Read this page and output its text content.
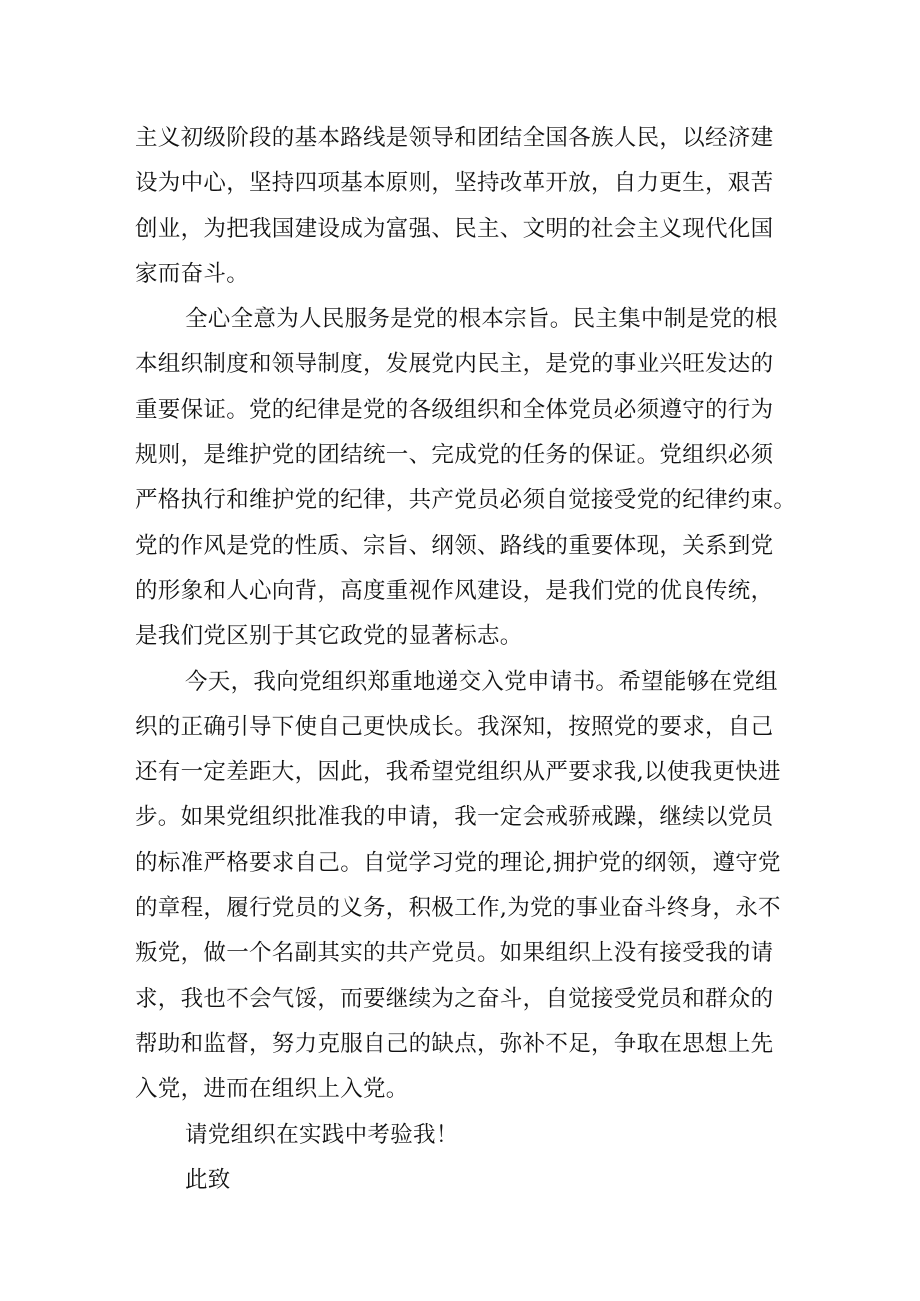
主义初级阶段的基本路线是领导和团结全国各族人民，以经济建
设为中心，坚持四项基本原则，坚持改革开放，自力更生，艰苦
创业，为把我国建设成为富强、民主、文明的社会主义现代化国
家而奋斗。
全心全意为人民服务是党的根本宗旨。民主集中制是党的根
本组织制度和领导制度，发展党内民主，是党的事业兴旺发达的
重要保证。党的纪律是党的各级组织和全体党员必须遵守的行为
规则，是维护党的团结统一、完成党的任务的保证。党组织必须
严格执行和维护党的纪律，共产党员必须自觉接受党的纪律约束。
党的作风是党的性质、宗旨、纲领、路线的重要体现，关系到党
的形象和人心向背，高度重视作风建设，是我们党的优良传统，
是我们党区别于其它政党的显著标志。
今天，我向党组织郑重地递交入党申请书。希望能够在党组
织的正确引导下使自己更快成长。我深知，按照党的要求，自己
还有一定差距大，因此，我希望党组织从严要求我,以使我更快进
步。如果党组织批准我的申请，我一定会戒骄戒躁，继续以党员
的标准严格要求自己。自觉学习党的理论,拥护党的纲领，遵守党
的章程，履行党员的义务，积极工作,为党的事业奋斗终身，永不
叛党，做一个名副其实的共产党员。如果组织上没有接受我的请
求，我也不会气馁，而要继续为之奋斗，自觉接受党员和群众的
帮助和监督，努力克服自己的缺点，弥补不足，争取在思想上先
入党，进而在组织上入党。
请党组织在实践中考验我！
此致
